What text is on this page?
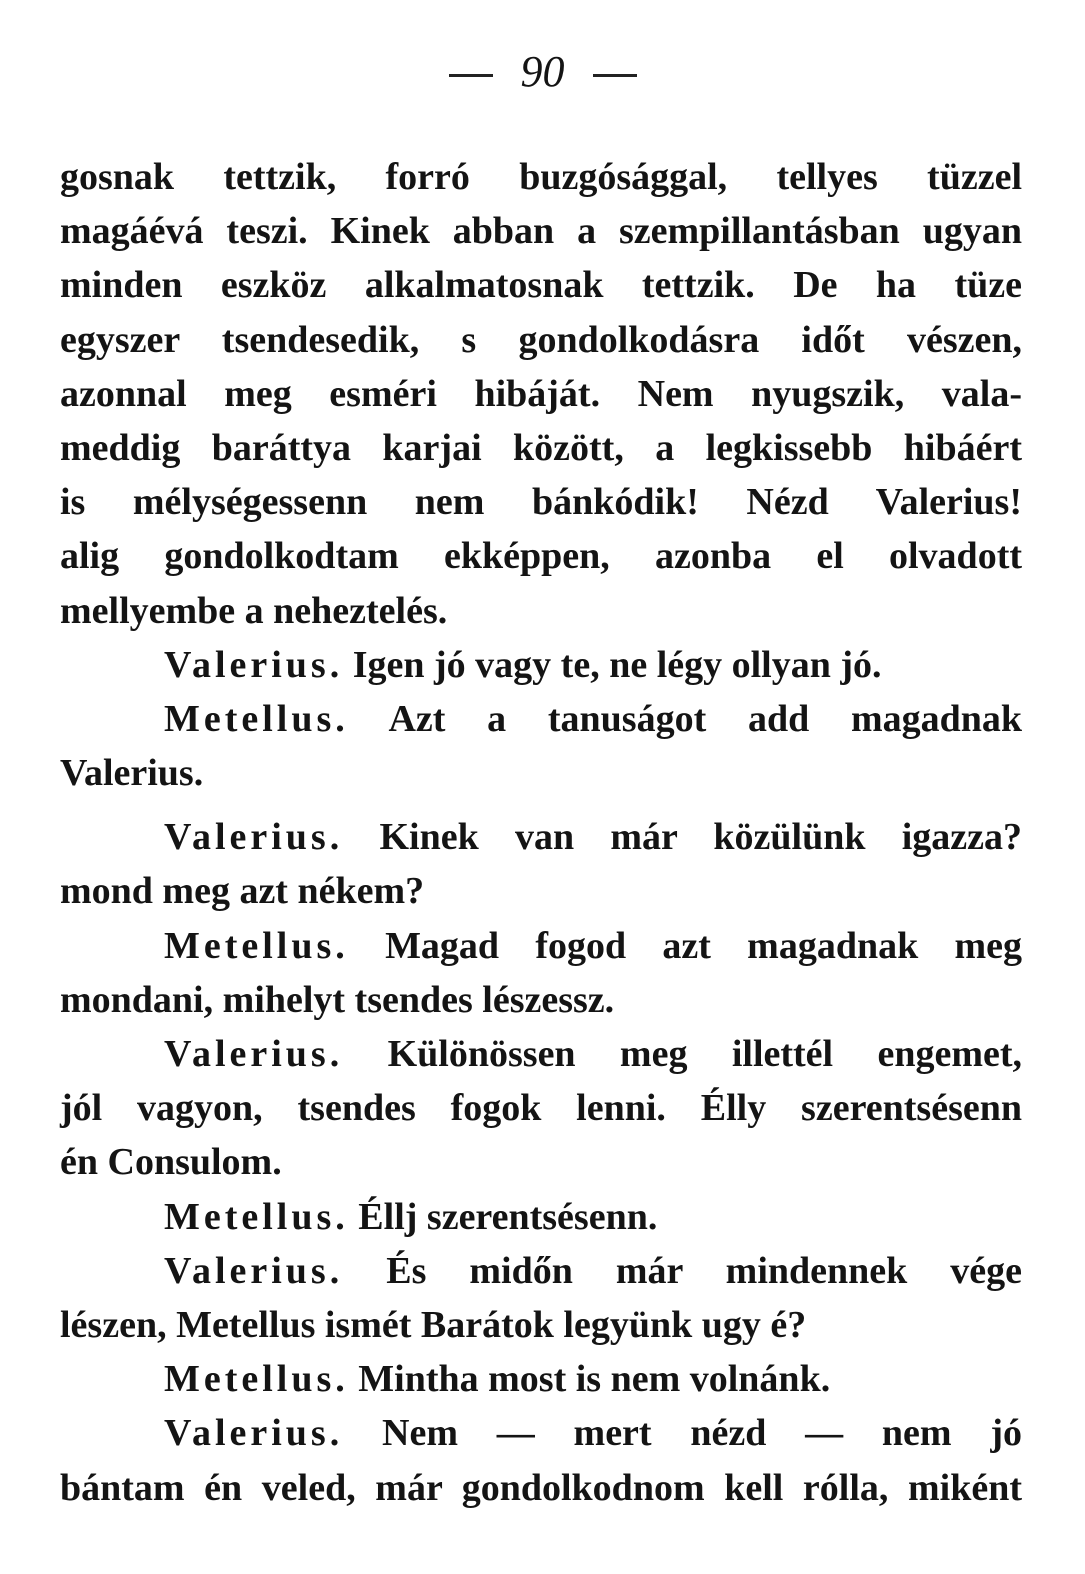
90
gosnak tettzik, forró buzgósággal, tellyes tüzzel
magáévá teszi. Kinek abban a szempillantásban ugyan
minden eszköz alkalmatosnak tettzik. De ha tüze
egyszer tsendesedik, s gondolkodásra időt vészen,
azonnal meg esméri hibáját. Nem nyugszik, vala-
meddig baráttya karjai között, a legkissebb hibáért
is mélységessenn nem bánkódik! Nézd Valerius!
alig gondolkodtam ekképpen, azonba el olvadott
mellyembe a neheztelés.
Valerius. Igen jó vagy te, ne légy ollyan jó.
Metellus. Azt a tanuságot add magadnak
Valerius.
Valerius. Kinek van már közülünk igazza?
mond meg azt nékem?
Metellus. Magad fogod azt magadnak meg
mondani, mihelyt tsendes lészessz.
Valerius. Különössen meg illettél engemet,
jól vagyon, tsendes fogok lenni. Élly szerentsésenn
én Consulom.
Metellus. Éllj szerentsésenn.
Valerius. És midőn már mindennek vége
lészen, Metellus ismét Barátok legyünk ugy é?
Metellus. Mintha most is nem volnánk.
Valerius. Nem — mert nézd — nem jó
bántam én veled, már gondolkodnom kell rólla, miként
